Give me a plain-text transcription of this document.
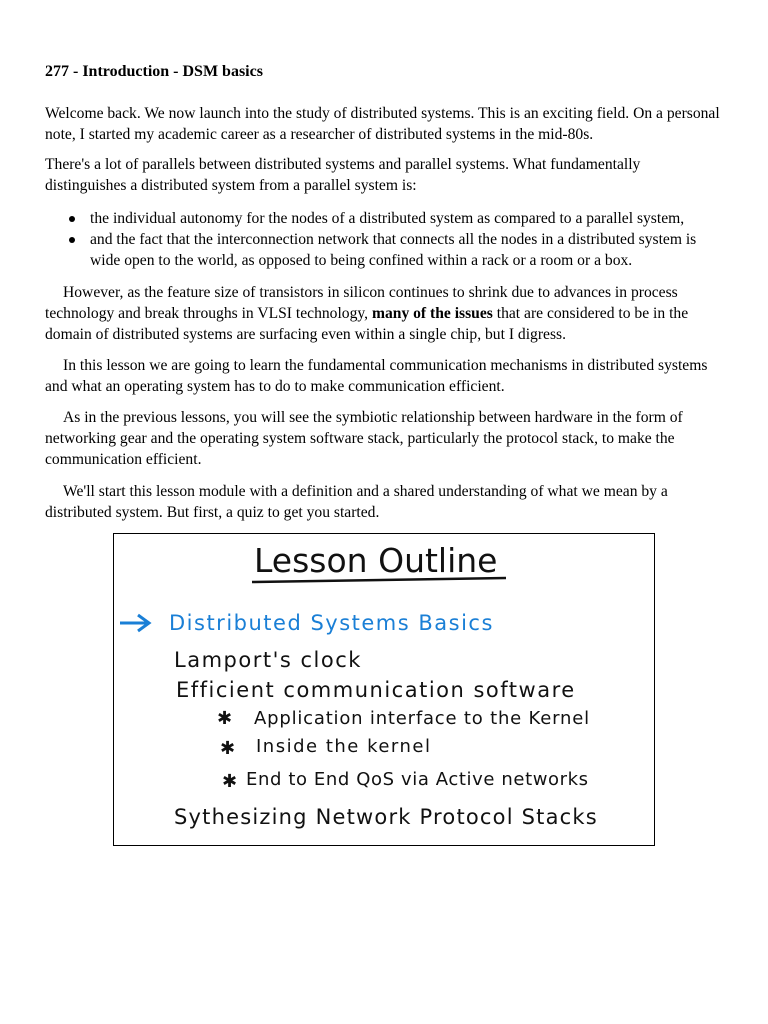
277 - Introduction - DSM basics

Welcome back. We now launch into the study of distributed systems. This is an exciting field. On a personal note, I started my academic career as a researcher of distributed systems in the mid-80s.

There's a lot of parallels between distributed systems and parallel systems. What fundamentally distinguishes a distributed system from a parallel system is:

the individual autonomy for the nodes of a distributed system as compared to a parallel system,
and the fact that the interconnection network that connects all the nodes in a distributed system is wide open to the world, as opposed to being confined within a rack or a room or a box.

However, as the feature size of transistors in silicon continues to shrink due to advances in process technology and break throughs in VLSI technology, many of the issues that are considered to be in the domain of distributed systems are surfacing even within a single chip, but I digress.

In this lesson we are going to learn the fundamental communication mechanisms in distributed systems and what an operating system has to do to make communication efficient.

As in the previous lessons, you will see the symbiotic relationship between hardware in the form of networking gear and the operating system software stack, particularly the protocol stack, to make the communication efficient.

We'll start this lesson module with a definition and a shared understanding of what we mean by a distributed system. But first, a quiz to get you started.

Lesson Outline
Distributed Systems Basics
Lamport's clock
Efficient communication software
✱ Application interface to the Kernel
✱ Inside the kernel
✱ End to End QoS via Active networks
Sythesizing Network Protocol Stacks
